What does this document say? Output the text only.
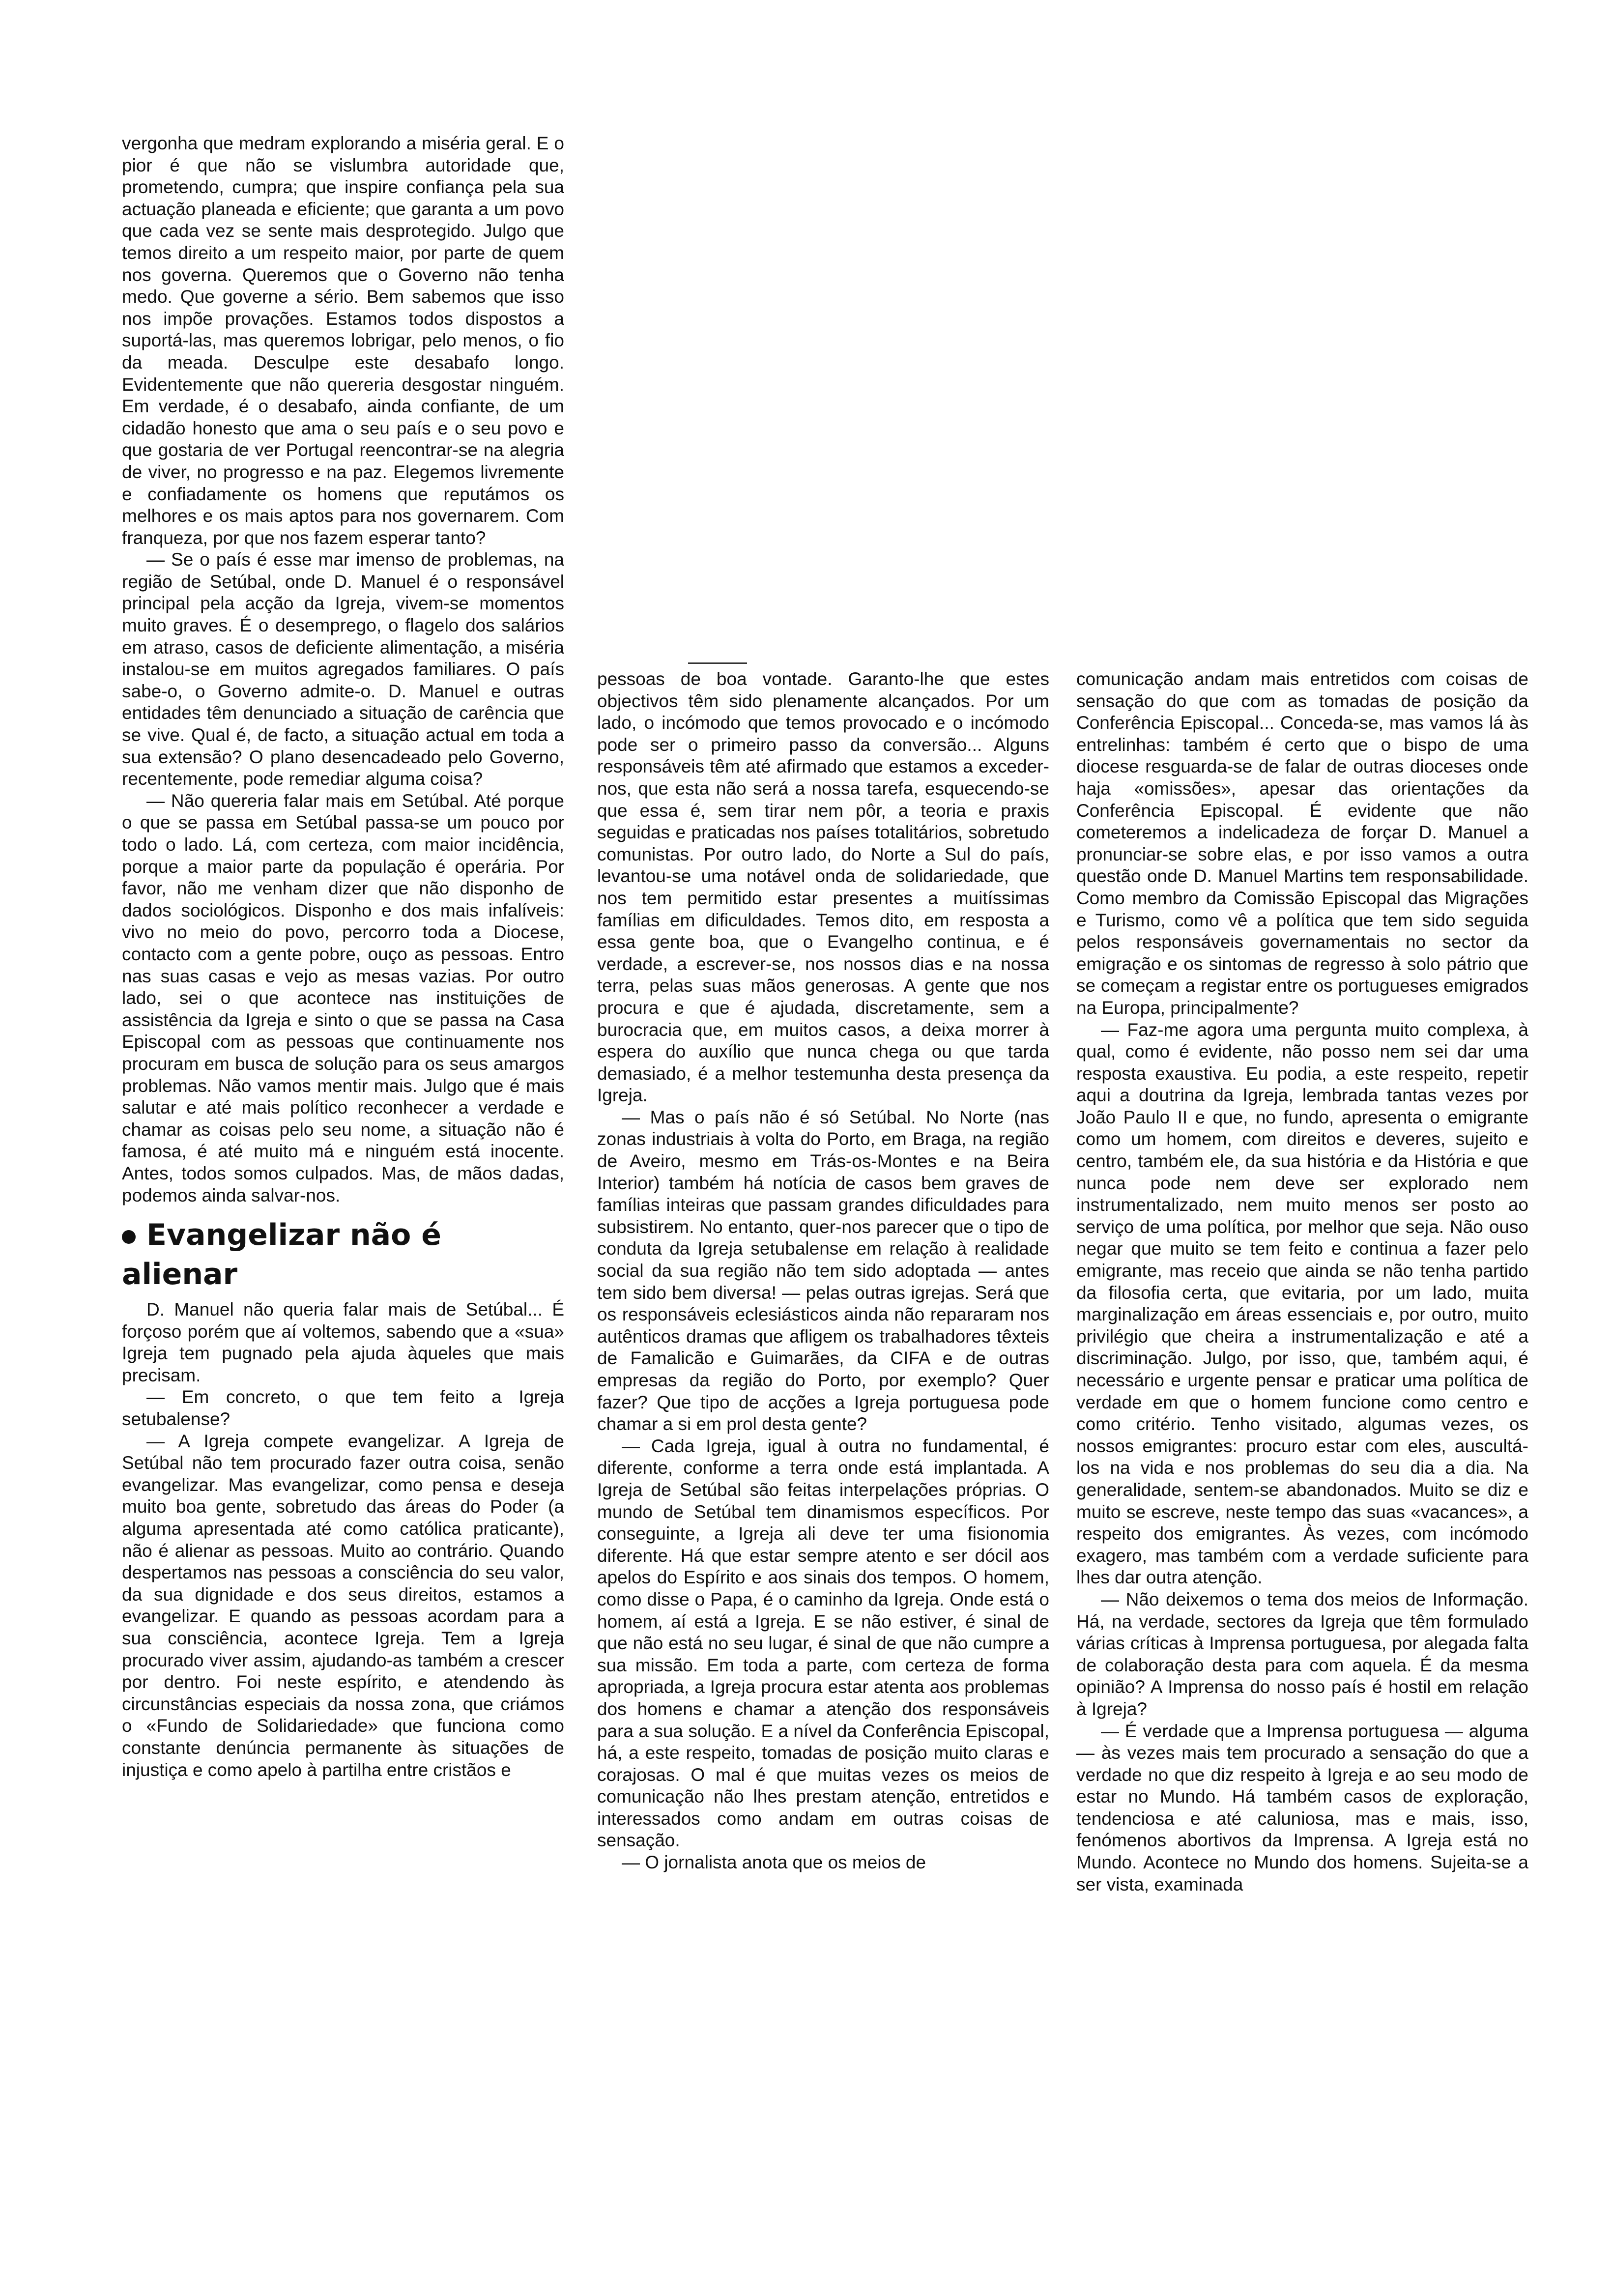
vergonha que medram explorando a miséria geral. E o pior é que não se vislumbra autoridade que, prometendo, cumpra; que inspire confiança pela sua actuação planeada e eficiente; que garanta a um povo que cada vez se sente mais desprotegido. Julgo que temos direito a um respeito maior, por parte de quem nos governa. Queremos que o Governo não tenha medo. Que governe a sério. Bem sabemos que isso nos impõe provações. Estamos todos dispostos a suportá-las, mas queremos lobrigar, pelo menos, o fio da meada. Desculpe este desabafo longo. Evidentemente que não quereria desgostar ninguém. Em verdade, é o desabafo, ainda confiante, de um cidadão honesto que ama o seu país e o seu povo e que gostaria de ver Portugal reencontrar-se na alegria de viver, no progresso e na paz. Elegemos livremente e confiadamente os homens que reputámos os melhores e os mais aptos para nos governarem. Com franqueza, por que nos fazem esperar tanto?

— Se o país é esse mar imenso de problemas, na região de Setúbal, onde D. Manuel é o responsável principal pela acção da Igreja, vivem-se momentos muito graves. É o desemprego, o flagelo dos salários em atraso, casos de deficiente alimentação, a miséria instalou-se em muitos agregados familiares. O país sabe-o, o Governo admite-o. D. Manuel e outras entidades têm denunciado a situação de carência que se vive. Qual é, de facto, a situação actual em toda a sua extensão? O plano desencadeado pelo Governo, recentemente, pode remediar alguma coisa?

— Não quereria falar mais em Setúbal. Até porque o que se passa em Setúbal passa-se um pouco por todo o lado. Lá, com certeza, com maior incidência, porque a maior parte da população é operária. Por favor, não me venham dizer que não disponho de dados sociológicos. Disponho e dos mais infalíveis: vivo no meio do povo, percorro toda a Diocese, contacto com a gente pobre, ouço as pessoas. Entro nas suas casas e vejo as mesas vazias. Por outro lado, sei o que acontece nas instituições de assistência da Igreja e sinto o que se passa na Casa Episcopal com as pessoas que continuamente nos procuram em busca de solução para os seus amargos problemas. Não vamos mentir mais. Julgo que é mais salutar e até mais político reconhecer a verdade e chamar as coisas pelo seu nome, a situação não é famosa, é até muito má e ninguém está inocente. Antes, todos somos culpados. Mas, de mãos dadas, podemos ainda salvar-nos.

Evangelizar não é alienar

D. Manuel não queria falar mais de Setúbal... É forçoso porém que aí voltemos, sabendo que a «sua» Igreja tem pugnado pela ajuda àqueles que mais precisam.

— Em concreto, o que tem feito a Igreja setubalense?

— A Igreja compete evangelizar. A Igreja de Setúbal não tem procurado fazer outra coisa, senão evangelizar. Mas evangelizar, como pensa e deseja muito boa gente, sobretudo das áreas do Poder (a alguma apresentada até como católica praticante), não é alienar as pessoas. Muito ao contrário. Quando despertamos nas pessoas a consciência do seu valor, da sua dignidade e dos seus direitos, estamos a evangelizar. E quando as pessoas acordam para a sua consciência, acontece Igreja. Tem a Igreja procurado viver assim, ajudando-as também a crescer por dentro. Foi neste espírito, e atendendo às circunstâncias especiais da nossa zona, que criámos o «Fundo de Solidariedade» que funciona como constante denúncia permanente às situações de injustiça e como apelo à partilha entre cristãos e

pessoas de boa vontade. Garanto-lhe que estes objectivos têm sido plenamente alcançados. Por um lado, o incómodo que temos provocado e o incómodo pode ser o primeiro passo da conversão... Alguns responsáveis têm até afirmado que estamos a exceder-nos, que esta não será a nossa tarefa, esquecendo-se que essa é, sem tirar nem pôr, a teoria e praxis seguidas e praticadas nos países totalitários, sobretudo comunistas. Por outro lado, do Norte a Sul do país, levantou-se uma notável onda de solidariedade, que nos tem permitido estar presentes a muitíssimas famílias em dificuldades. Temos dito, em resposta a essa gente boa, que o Evangelho continua, e é verdade, a escrever-se, nos nossos dias e na nossa terra, pelas suas mãos generosas. A gente que nos procura e que é ajudada, discretamente, sem a burocracia que, em muitos casos, a deixa morrer à espera do auxílio que nunca chega ou que tarda demasiado, é a melhor testemunha desta presença da Igreja.

— Mas o país não é só Setúbal. No Norte (nas zonas industriais à volta do Porto, em Braga, na região de Aveiro, mesmo em Trás-os-Montes e na Beira Interior) também há notícia de casos bem graves de famílias inteiras que passam grandes dificuldades para subsistirem. No entanto, quer-nos parecer que o tipo de conduta da Igreja setubalense em relação à realidade social da sua região não tem sido adoptada — antes tem sido bem diversa! — pelas outras igrejas. Será que os responsáveis eclesiásticos ainda não repararam nos autênticos dramas que afligem os trabalhadores têxteis de Famalicão e Guimarães, da CIFA e de outras empresas da região do Porto, por exemplo? Quer fazer? Que tipo de acções a Igreja portuguesa pode chamar a si em prol desta gente?

— Cada Igreja, igual à outra no fundamental, é diferente, conforme a terra onde está implantada. A Igreja de Setúbal são feitas interpelações próprias. O mundo de Setúbal tem dinamismos específicos. Por conseguinte, a Igreja ali deve ter uma fisionomia diferente. Há que estar sempre atento e ser dócil aos apelos do Espírito e aos sinais dos tempos. O homem, como disse o Papa, é o caminho da Igreja. Onde está o homem, aí está a Igreja. E se não estiver, é sinal de que não está no seu lugar, é sinal de que não cumpre a sua missão. Em toda a parte, com certeza de forma apropriada, a Igreja procura estar atenta aos problemas dos homens e chamar a atenção dos responsáveis para a sua solução. E a nível da Conferência Episcopal, há, a este respeito, tomadas de posição muito claras e corajosas. O mal é que muitas vezes os meios de comunicação não lhes prestam atenção, entretidos e interessados como andam em outras coisas de sensação.

— O jornalista anota que os meios de

comunicação andam mais entretidos com coisas de sensação do que com as tomadas de posição da Conferência Episcopal... Conceda-se, mas vamos lá às entrelinhas: também é certo que o bispo de uma diocese resguarda-se de falar de outras dioceses onde haja «omissões», apesar das orientações da Conferência Episcopal. É evidente que não cometeremos a indelicadeza de forçar D. Manuel a pronunciar-se sobre elas, e por isso vamos a outra questão onde D. Manuel Martins tem responsabilidade. Como membro da Comissão Episcopal das Migrações e Turismo, como vê a política que tem sido seguida pelos responsáveis governamentais no sector da emigração e os sintomas de regresso à solo pátrio que se começam a registar entre os portugueses emigrados na Europa, principalmente?

— Faz-me agora uma pergunta muito complexa, à qual, como é evidente, não posso nem sei dar uma resposta exaustiva. Eu podia, a este respeito, repetir aqui a doutrina da Igreja, lembrada tantas vezes por João Paulo II e que, no fundo, apresenta o emigrante como um homem, com direitos e deveres, sujeito e centro, também ele, da sua história e da História e que nunca pode nem deve ser explorado nem instrumentalizado, nem muito menos ser posto ao serviço de uma política, por melhor que seja. Não ouso negar que muito se tem feito e continua a fazer pelo emigrante, mas receio que ainda se não tenha partido da filosofia certa, que evitaria, por um lado, muita marginalização em áreas essenciais e, por outro, muito privilégio que cheira a instrumentalização e até a discriminação. Julgo, por isso, que, também aqui, é necessário e urgente pensar e praticar uma política de verdade em que o homem funcione como centro e como critério. Tenho visitado, algumas vezes, os nossos emigrantes: procuro estar com eles, auscultá-los na vida e nos problemas do seu dia a dia. Na generalidade, sentem-se abandonados. Muito se diz e muito se escreve, neste tempo das suas «vacances», a respeito dos emigrantes. Às vezes, com incómodo exagero, mas também com a verdade suficiente para lhes dar outra atenção.

— Não deixemos o tema dos meios de Informação. Há, na verdade, sectores da Igreja que têm formulado várias críticas à Imprensa portuguesa, por alegada falta de colaboração desta para com aquela. É da mesma opinião? A Imprensa do nosso país é hostil em relação à Igreja?

— É verdade que a Imprensa portuguesa — alguma — às vezes mais tem procurado a sensação do que a verdade no que diz respeito à Igreja e ao seu modo de estar no Mundo. Há também casos de exploração, tendenciosa e até caluniosa, mas e mais, isso, fenómenos abortivos da Imprensa. A Igreja está no Mundo. Acontece no Mundo dos homens. Sujeita-se a ser vista, examinada
